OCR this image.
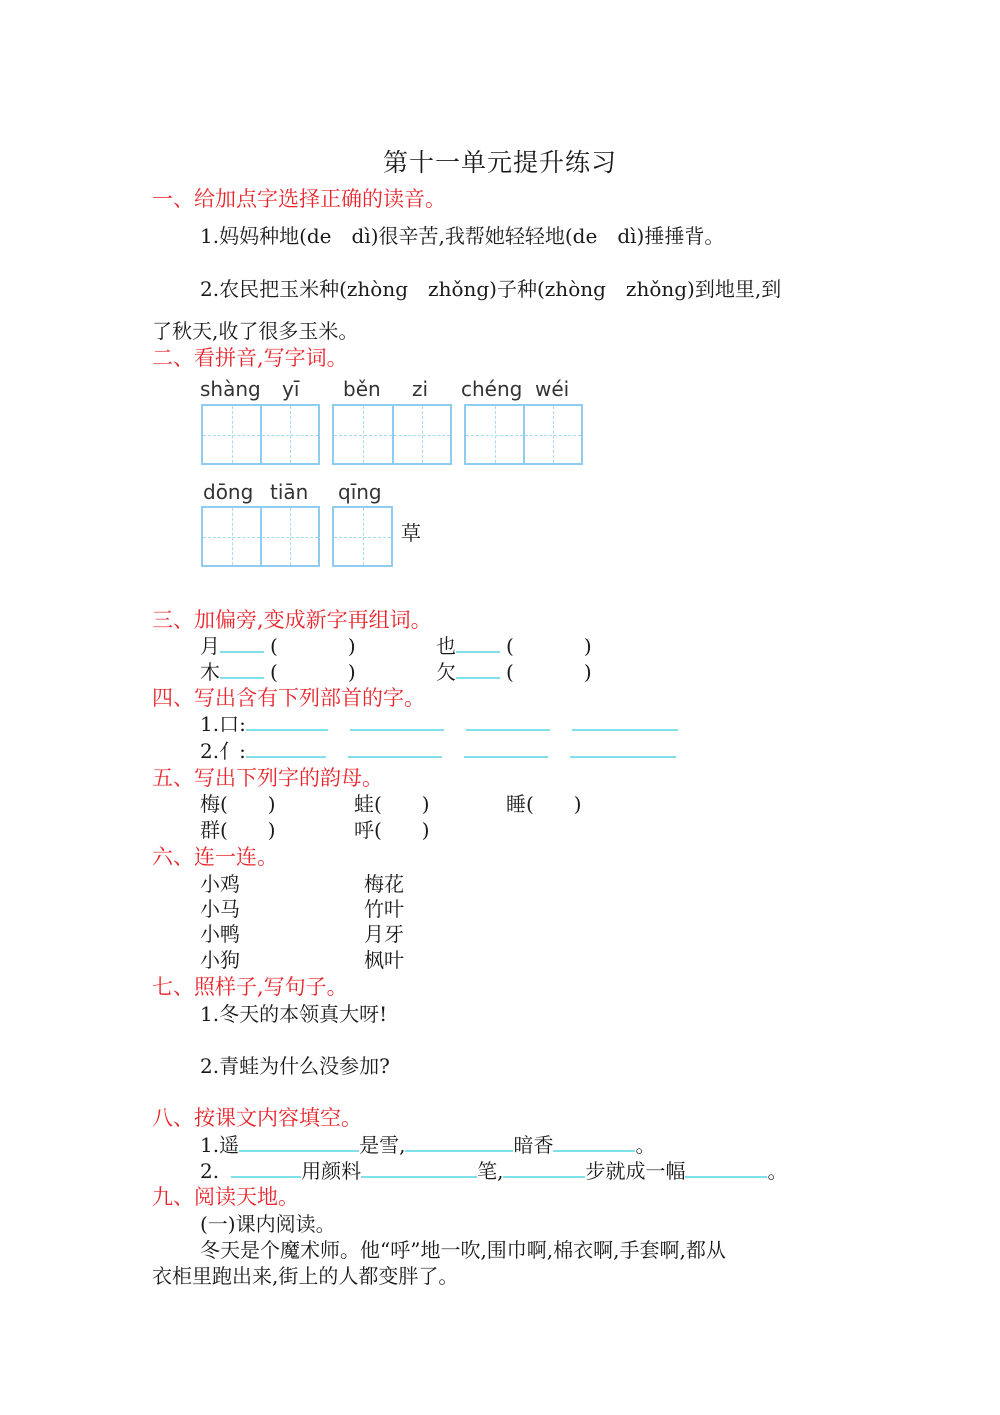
第十一单元提升练习
一、给加点字选择正确的读音。
1.妈妈种地(de　dì)很辛苦,我帮她轻轻地(de　dì)捶捶背。
2.农民把玉米种(zhòng　zhǒng)子种(zhòng　zhǒng)到地里,到
了秋天,收了很多玉米。
二、看拼音,写字词。
shàng yī běn zi chéng wéi
dōng tiān qīng
草
三、加偏旁,变成新字再组词。
月	(	)	也	(	)
木	(	)	欠	(	)
四、写出含有下列部首的字。
1.口:
2.亻:
五、写出下列字的韵母。
梅(　　)	蛙(　　)	睡(　　)
群(　　)	呼(　　)
六、连一连。
小鸡	梅花
小马	竹叶
小鸭	月牙
小狗	枫叶
七、照样子,写句子。
1.冬天的本领真大呀!
2.青蛙为什么没参加?
八、按课文内容填空。
1.遥	是雪,	暗香	。
2.	用颜料	笔,	步就成一幅	。
九、阅读天地。
(一)课内阅读。
冬天是个魔术师。他“呼”地一吹,围巾啊,棉衣啊,手套啊,都从
衣柜里跑出来,街上的人都变胖了。
